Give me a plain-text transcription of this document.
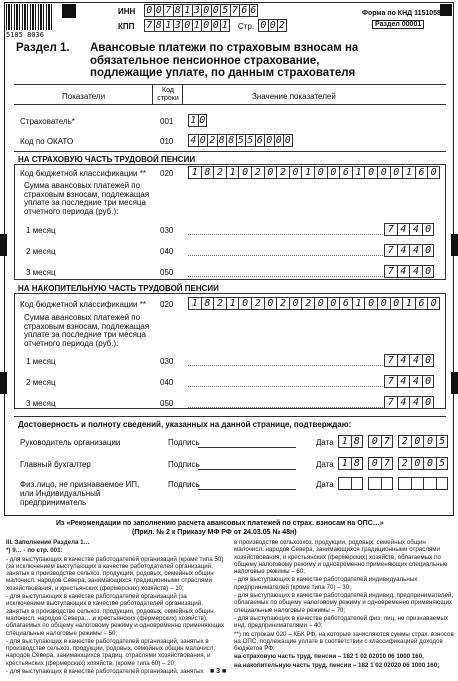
5105 8036
ИНН 0 0 7 8 1 3 0 0 5 7 6 6
КПП 7 8 1 3 0 1 0 0 1 Стр. 0 0 2
Форма по КНД 1151058
Раздел 00001
Раздел 1. Авансовые платежи по страховым взносам на обязательное пенсионное страхование, подлежащие уплате, по данным страхователя
Показатели
Код строки	Значение показателей
Страхователь*	001 1 0
Код по ОКАТО	010 4 0 2 8 8 5 5 6 0 0 0
НА СТРАХОВУЮ ЧАСТЬ ТРУДОВОЙ ПЕНСИИ
Код бюджетной классификации ** 020	1 8 2 1 0 2 0 2 0 1 0 0 6 1 0 0 0 1 6 0
Сумма авансовых платежей по страховым взносам, подлежащая уплате за последние три месяца отчетного периода (руб.):
НА НАКОПИТЕЛЬНУЮ ЧАСТЬ ТРУДОВОЙ ПЕНСИИ
Код бюджетной классификации ** 020	1 8 2 1 0 2 0 2 0 2 0 0 6 1 0 0 0 1 6 0
Сумма авансовых платежей по страховым взносам, подлежащая уплате за последние три месяца отчетного периода (руб.):
Достоверность и полноту сведений, указанных на данной странице, подтверждаю:
Из «Рекомендации по заполнению расчета авансовых платежей по страх. взносам на ОПС…»
(Прил. № 2 к Приказу МФ РФ от 24.03.05 № 48н)
III. Заполнение Раздела 1…
*) 9… - по стр. 001:
- для выступающих в качестве работодателей организаций (кроме типа 50) (за исключением выступающих в качестве работодателей организаций, занятых в производстве сельхоз. продукции, родовых, семейных общин малочисл. народов Севера, занимающихся традиционными отраслями хозяйствования, и крестьянских (фермерских) хозяйств) – 10;
- для выступающих в качестве работодателей организаций (за исключением выступающих в качестве работодателей организаций, занятых в производстве сельхоз. продукции, родовых, семейных общин малочисл. народов Севера… и крестьянских (фермерских) хозяйств), облагаемых по общему налоговому режиму и одновременно применяющих специальные налоговые режимы – 50;
- для выступающих в качестве работодателей организаций, занятых в производстве сельхоз. продукции, родовых, семейных общин малочисл. народов Севера, занимающихся традиц. отраслями хозяйствования, и крестьянских (фермерских) хозяйств, (кроме типа 60) – 20;
- для выступающих в качестве работодателей организаций, занятых
в производстве сельхозхоз. продукции, родовых, семейных общин малочисл. народов Севера, занимающихся традиционными отраслями хозяйствования, и крестьянских (фермерских) хозяйств, облагаемых по общему налоговому режиму и одновременно применяющих специальные налоговые режимы – 60;
- для выступающих в качестве работодателей индивидуальных предпринимателей (кроме типа 70) – 30;
- для выступающих в качестве работодателей индивид. предпринимателей, облагаемых по общему налоговому режиму и одновременно применяющих специальные налоговые режимы – 70;
- для выступающих в качестве работодателей физ. лиц, не признаваемых инд. предпринимателями – 40;
**) по строкам 020 – КБК РФ, на которые зачисляются суммы страх. взносов на ОПС, подлежащие уплате в соответствии с классификацией доходов бюджетов РФ:
на страховую часть труд. пенсии – 182 1 02 02010 06 1000 160,
на накопительную часть труд. пенсии – 182 1 02 02020 06 1000 160;
■ 3 ■
1 месяц	030	7 4 4 0
2 месяц	040	7 4 4 0
3 месяц	050	7 4 4 0
1 месяц	030	7 4 4 0
2 месяц	040	7 4 4 0
3 месяц	050	7 4 4 0
Руководитель организации	Подпись	Дата 1 8	0 7	2 0 0 5
Главный бухгалтер	Подпись	Дата 1 8	0 7	2 0 0 5
Физ.лицо, не признаваемое ИП, или Индивидуальный предприниматель
Подпись	Дата
